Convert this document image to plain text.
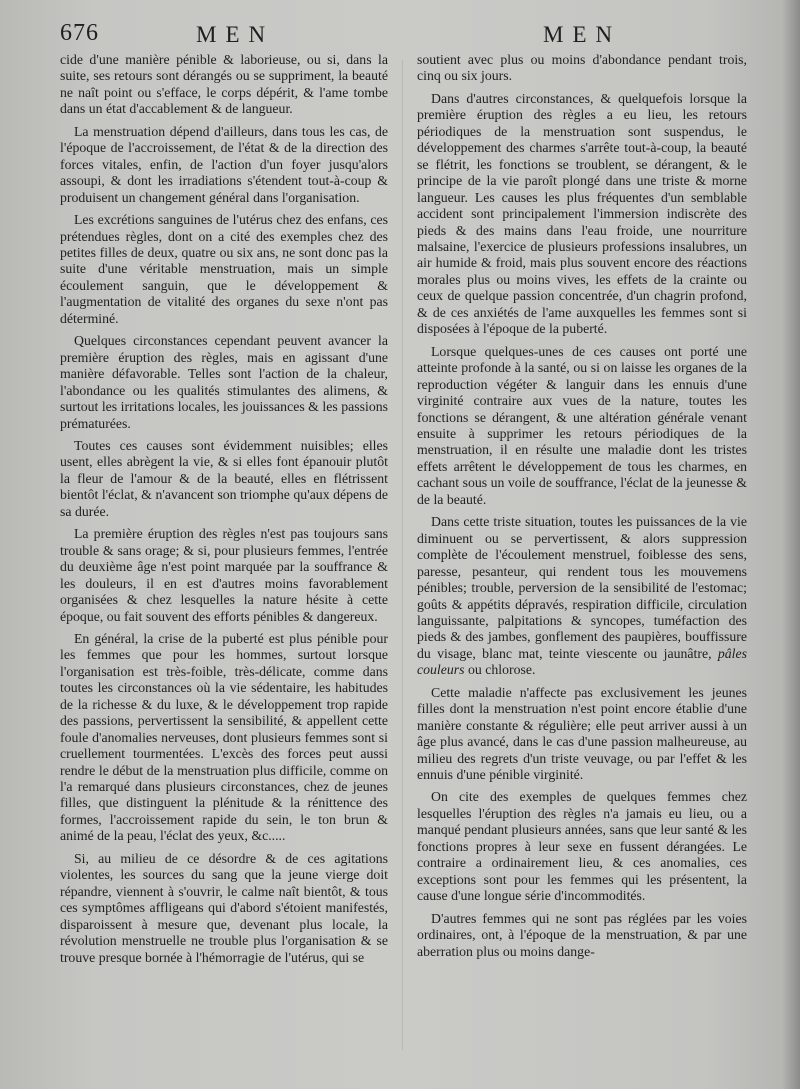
676	MEN	MEN

cide d'une manière pénible & laborieuse, ou si, dans la suite, ses retours sont dérangés ou se suppriment, la beauté ne naît point ou s'efface, le corps dépérit, & l'ame tombe dans un état d'accablement & de langueur.

La menstruation dépend d'ailleurs, dans tous les cas, de l'époque de l'accroissement, de l'état & de la direction des forces vitales, enfin, de l'action d'un foyer jusqu'alors assoupi, & dont les irradiations s'étendent tout-à-coup & produisent un changement général dans l'organisation.

Les excrétions sanguines de l'utérus chez des enfans, ces prétendues règles, dont on a cité des exemples chez des petites filles de deux, quatre ou six ans, ne sont donc pas la suite d'une véritable menstruation, mais un simple écoulement sanguin, que le développement & l'augmentation de vitalité des organes du sexe n'ont pas déterminé.

Quelques circonstances cependant peuvent avancer la première éruption des règles, mais en agissant d'une manière défavorable. Telles sont l'action de la chaleur, l'abondance ou les qualités stimulantes des alimens, & surtout les irritations locales, les jouissances & les passions prématurées.

Toutes ces causes sont évidemment nuisibles; elles usent, elles abrègent la vie, & si elles font épanouir plutôt la fleur de l'amour & de la beauté, elles en flétrissent bientôt l'éclat, & n'avancent son triomphe qu'aux dépens de sa durée.

La première éruption des règles n'est pas toujours sans trouble & sans orage; & si, pour plusieurs femmes, l'entrée du deuxième âge n'est point marquée par la souffrance & les douleurs, il en est d'autres moins favorablement organisées & chez lesquelles la nature hésite à cette époque, ou fait souvent des efforts pénibles & dangereux.

En général, la crise de la puberté est plus pénible pour les femmes que pour les hommes, surtout lorsque l'organisation est très-foible, très-délicate, comme dans toutes les circonstances où la vie sédentaire, les habitudes de la richesse & du luxe, & le développement trop rapide des passions, pervertissent la sensibilité, & appellent cette foule d'anomalies nerveuses, dont plusieurs femmes sont si cruellement tourmentées. L'excès des forces peut aussi rendre le début de la menstruation plus difficile, comme on l'a remarqué dans plusieurs circonstances, chez de jeunes filles, que distinguent la plénitude & la rénittence des formes, l'accroissement rapide du sein, le ton brun & animé de la peau, l'éclat des yeux, &c.....

Si, au milieu de ce désordre & de ces agitations violentes, les sources du sang que la jeune vierge doit répandre, viennent à s'ouvrir, le calme naît bientôt, & tous ces symptômes affligeans qui d'abord s'étoient manifestés, disparoissent à mesure que, devenant plus locale, la révolution menstruelle ne trouble plus l'organisation & se trouve presque bornée à l'hémorragie de l'utérus, qui se

soutient avec plus ou moins d'abondance pendant trois, cinq ou six jours.

Dans d'autres circonstances, & quelquefois lorsque la première éruption des règles a eu lieu, les retours périodiques de la menstruation sont suspendus, le développement des charmes s'arrête tout-à-coup, la beauté se flétrit, les fonctions se troublent, se dérangent, & le principe de la vie paroît plongé dans une triste & morne langueur. Les causes les plus fréquentes d'un semblable accident sont principalement l'immersion indiscrète des pieds & des mains dans l'eau froide, une nourriture malsaine, l'exercice de plusieurs professions insalubres, un air humide & froid, mais plus souvent encore des réactions morales plus ou moins vives, les effets de la crainte ou ceux de quelque passion concentrée, d'un chagrin profond, & de ces anxiétés de l'ame auxquelles les femmes sont si disposées à l'époque de la puberté.

Lorsque quelques-unes de ces causes ont porté une atteinte profonde à la santé, ou si on laisse les organes de la reproduction végéter & languir dans les ennuis d'une virginité contraire aux vues de la nature, toutes les fonctions se dérangent, & une altération générale venant ensuite à supprimer les retours périodiques de la menstruation, il en résulte une maladie dont les tristes effets arrêtent le développement de tous les charmes, en cachant sous un voile de souffrance, l'éclat de la jeunesse & de la beauté.

Dans cette triste situation, toutes les puissances de la vie diminuent ou se pervertissent, & alors suppression complète de l'écoulement menstruel, foiblesse des sens, paresse, pesanteur, qui rendent tous les mouvemens pénibles; trouble, perversion de la sensibilité de l'estomac; goûts & appétits dépravés, respiration difficile, circulation languissante, palpitations & syncopes, tuméfaction des pieds & des jambes, gonflement des paupières, bouffissure du visage, blanc mat, teinte viescente ou jaunâtre, pâles couleurs ou chlorose.

Cette maladie n'affecte pas exclusivement les jeunes filles dont la menstruation n'est point encore établie d'une manière constante & régulière; elle peut arriver aussi à un âge plus avancé, dans le cas d'une passion malheureuse, au milieu des regrets d'un triste veuvage, ou par l'effet & les ennuis d'une pénible virginité.

On cite des exemples de quelques femmes chez lesquelles l'éruption des règles n'a jamais eu lieu, ou a manqué pendant plusieurs années, sans que leur santé & les fonctions propres à leur sexe en fussent dérangées. Le contraire a ordinairement lieu, & ces anomalies, ces exceptions sont pour les femmes qui les présentent, la cause d'une longue série d'incommodités.

D'autres femmes qui ne sont pas réglées par les voies ordinaires, ont, à l'époque de la menstruation, & par une aberration plus ou moins dange-
